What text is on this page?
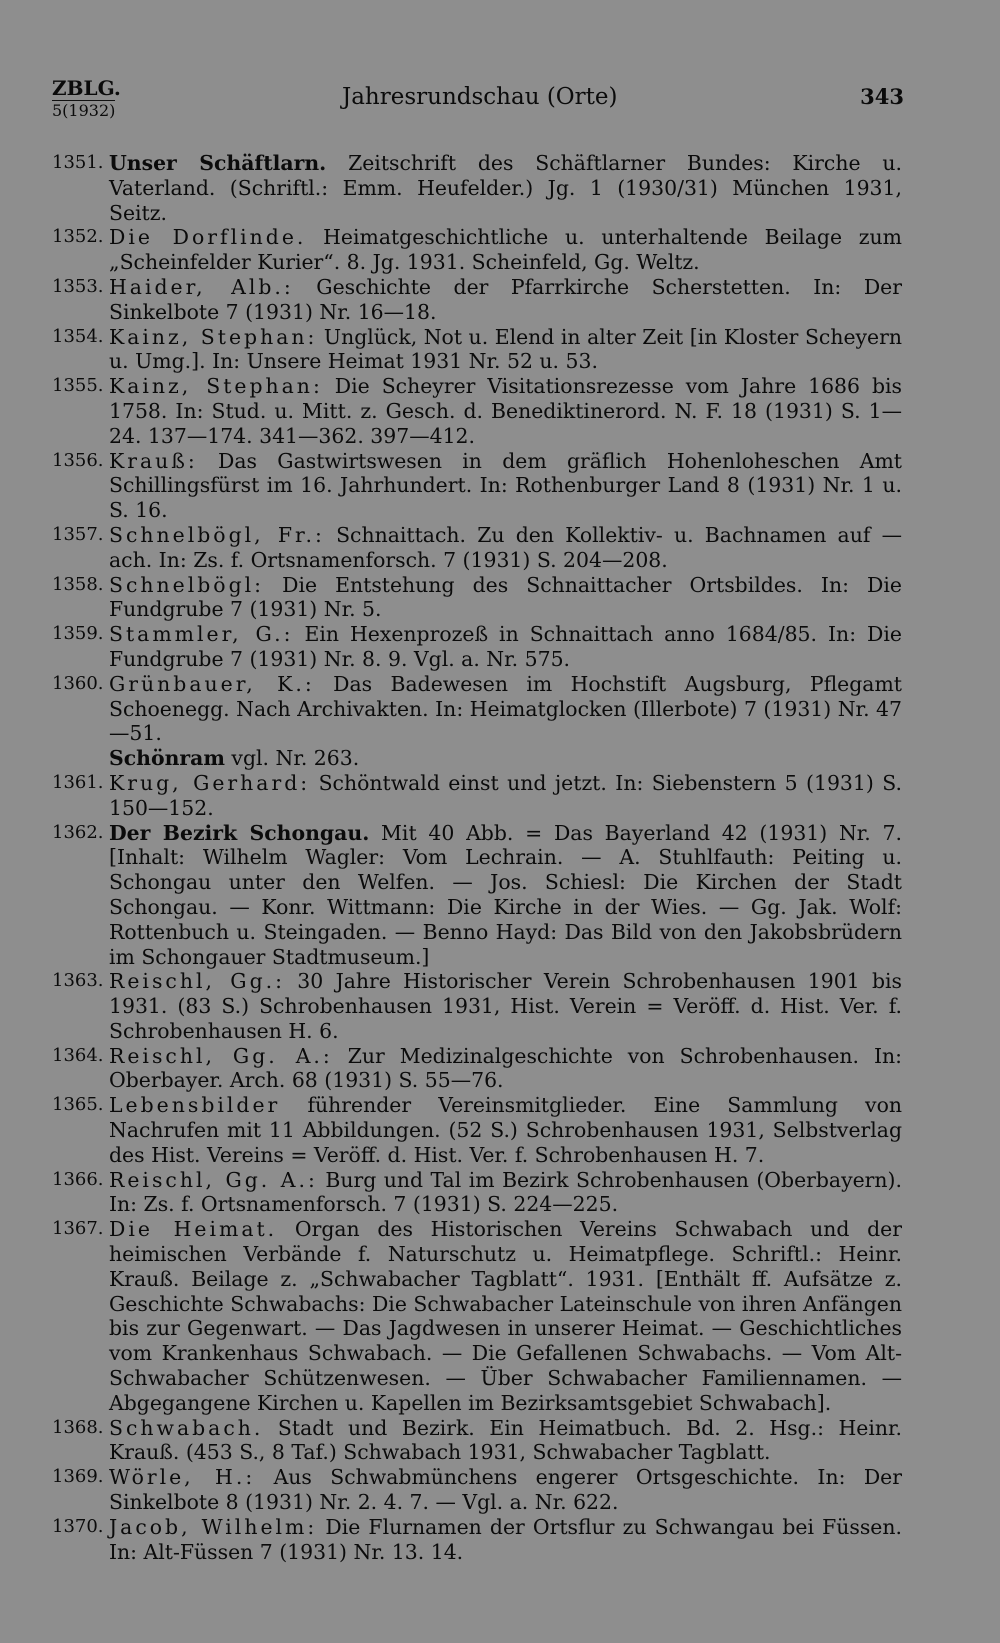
ZBLG.
5(1932)
Jahresrundschau (Orte)	343
1351. Unser Schäftlarn. Zeitschrift des Schäftlarner Bundes: Kirche u. Vaterland. (Schriftl.: Emm. Heufelder.) Jg. 1 (1930/31) München 1931, Seitz.
1352. Die Dorflinde. Heimatgeschichtliche u. unterhaltende Beilage zum „Scheinfelder Kurier“. 8. Jg. 1931. Scheinfeld, Gg. Weltz.
1353. Haider, Alb.: Geschichte der Pfarrkirche Scherstetten. In: Der Sinkelbote 7 (1931) Nr. 16—18.
1354. Kainz, Stephan: Unglück, Not u. Elend in alter Zeit [in Kloster Scheyern u. Umg.]. In: Unsere Heimat 1931 Nr. 52 u. 53.
1355. Kainz, Stephan: Die Scheyrer Visitationsrezesse vom Jahre 1686 bis 1758. In: Stud. u. Mitt. z. Gesch. d. Benediktinerord. N. F. 18 (1931) S. 1—24. 137—174. 341—362. 397—412.
1356. Krauß: Das Gastwirtswesen in dem gräflich Hohenloheschen Amt Schillingsfürst im 16. Jahrhundert. In: Rothenburger Land 8 (1931) Nr. 1 u. S. 16.
1357. Schnelbögl, Fr.: Schnaittach. Zu den Kollektiv- u. Bachnamen auf —ach. In: Zs. f. Ortsnamenforsch. 7 (1931) S. 204—208.
1358. Schnelbögl: Die Entstehung des Schnaittacher Ortsbildes. In: Die Fundgrube 7 (1931) Nr. 5.
1359. Stammler, G.: Ein Hexenprozeß in Schnaittach anno 1684/85. In: Die Fundgrube 7 (1931) Nr. 8. 9. Vgl. a. Nr. 575.
1360. Grünbauer, K.: Das Badewesen im Hochstift Augsburg, Pflegamt Schoenegg. Nach Archivakten. In: Heimatglocken (Illerbote) 7 (1931) Nr. 47—51.
Schönram vgl. Nr. 263.
1361. Krug, Gerhard: Schöntwald einst und jetzt. In: Siebenstern 5 (1931) S. 150—152.
1362. Der Bezirk Schongau. Mit 40 Abb. = Das Bayerland 42 (1931) Nr. 7. [Inhalt: Wilhelm Wagler: Vom Lechrain. — A. Stuhlfauth: Peiting u. Schongau unter den Welfen. — Jos. Schiesl: Die Kirchen der Stadt Schongau. — Konr. Wittmann: Die Kirche in der Wies. — Gg. Jak. Wolf: Rottenbuch u. Steingaden. — Benno Hayd: Das Bild von den Jakobsbrüdern im Schongauer Stadtmuseum.]
1363. Reischl, Gg.: 30 Jahre Historischer Verein Schrobenhausen 1901 bis 1931. (83 S.) Schrobenhausen 1931, Hist. Verein = Veröff. d. Hist. Ver. f. Schrobenhausen H. 6.
1364. Reischl, Gg. A.: Zur Medizinalgeschichte von Schrobenhausen. In: Oberbayer. Arch. 68 (1931) S. 55—76.
1365. Lebensbilder führender Vereinsmitglieder. Eine Sammlung von Nachrufen mit 11 Abbildungen. (52 S.) Schrobenhausen 1931, Selbstverlag des Hist. Vereins = Veröff. d. Hist. Ver. f. Schrobenhausen H. 7.
1366. Reischl, Gg. A.: Burg und Tal im Bezirk Schrobenhausen (Oberbayern). In: Zs. f. Ortsnamenforsch. 7 (1931) S. 224—225.
1367. Die Heimat. Organ des Historischen Vereins Schwabach und der heimischen Verbände f. Naturschutz u. Heimatpflege. Schriftl.: Heinr. Krauß. Beilage z. „Schwabacher Tagblatt“. 1931. [Enthält ff. Aufsätze z. Geschichte Schwabachs: Die Schwabacher Lateinschule von ihren Anfängen bis zur Gegenwart. — Das Jagdwesen in unserer Heimat. — Geschichtliches vom Krankenhaus Schwabach. — Die Gefallenen Schwabachs. — Vom Alt-Schwabacher Schützenwesen. — Über Schwabacher Familiennamen. — Abgegangene Kirchen u. Kapellen im Bezirksamtsgebiet Schwabach].
1368. Schwabach. Stadt und Bezirk. Ein Heimatbuch. Bd. 2. Hsg.: Heinr. Krauß. (453 S., 8 Taf.) Schwabach 1931, Schwabacher Tagblatt.
1369. Wörle, H.: Aus Schwabmünchens engerer Ortsgeschichte. In: Der Sinkelbote 8 (1931) Nr. 2. 4. 7. — Vgl. a. Nr. 622.
1370. Jacob, Wilhelm: Die Flurnamen der Ortsflur zu Schwangau bei Füssen. In: Alt-Füssen 7 (1931) Nr. 13. 14.
